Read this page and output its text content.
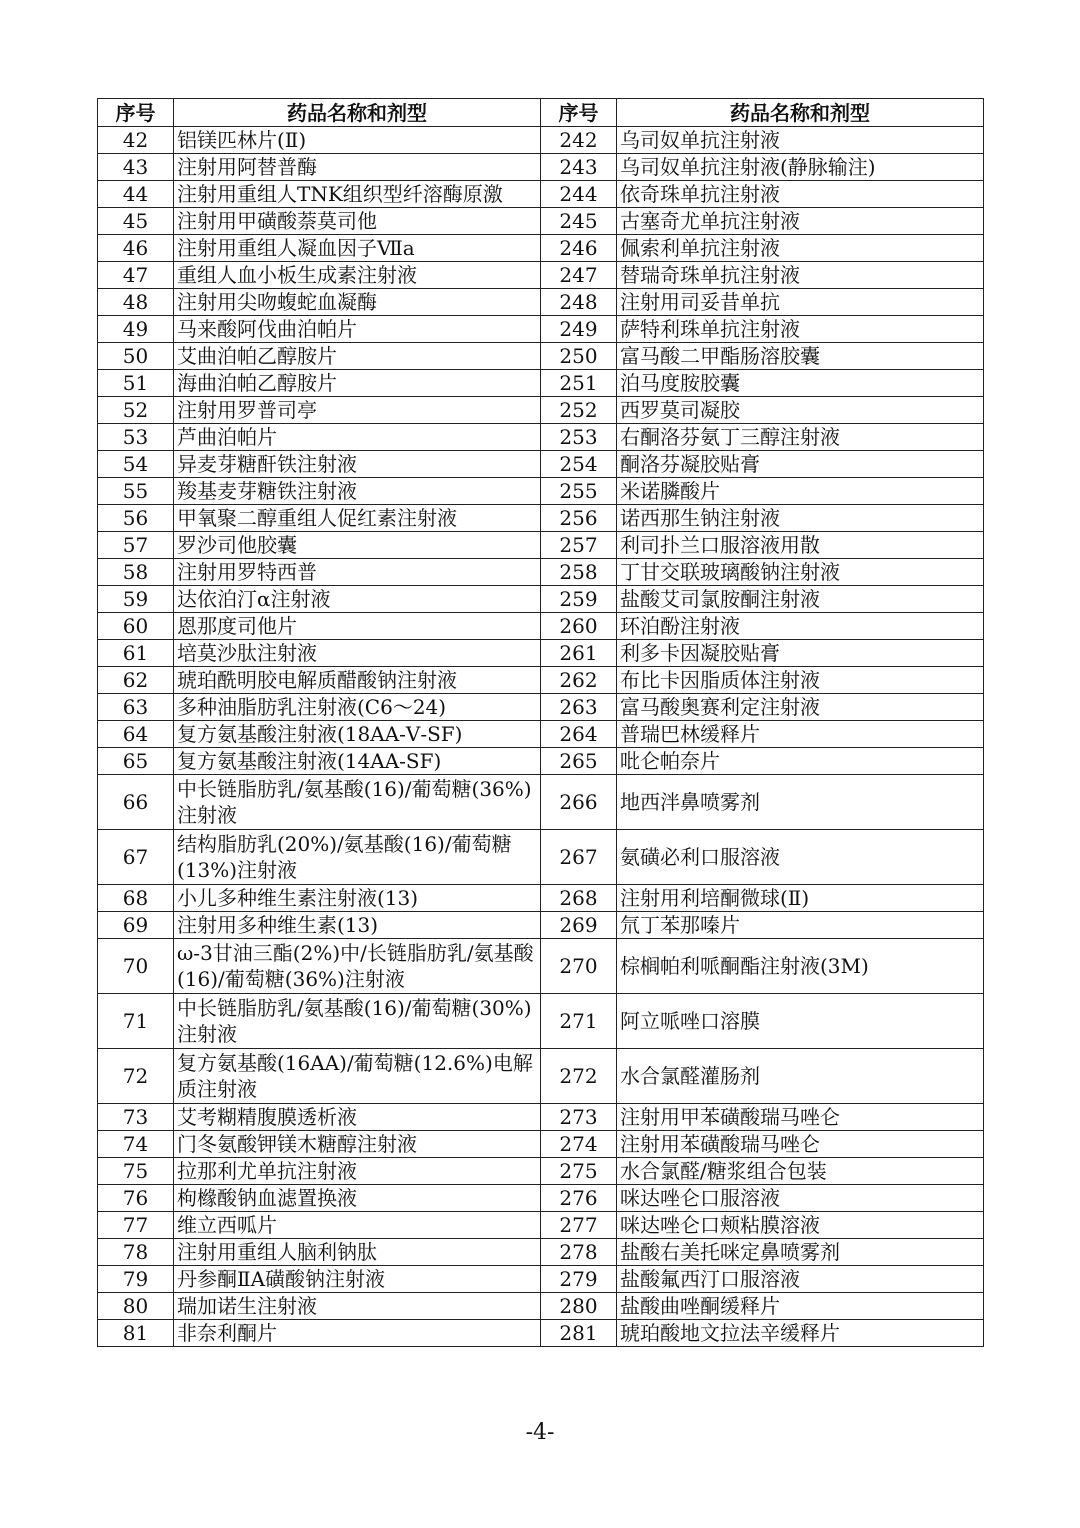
序号	药品名称和剂型	序号	药品名称和剂型
42	铝镁匹林片(Ⅱ)	242	乌司奴单抗注射液
43	注射用阿替普酶	243	乌司奴单抗注射液(静脉输注)
44	注射用重组人TNK组织型纤溶酶原激	244	依奇珠单抗注射液
45	注射用甲磺酸萘莫司他	245	古塞奇尤单抗注射液
46	注射用重组人凝血因子Ⅶa	246	佩索利单抗注射液
47	重组人血小板生成素注射液	247	替瑞奇珠单抗注射液
48	注射用尖吻蝮蛇血凝酶	248	注射用司妥昔单抗
49	马来酸阿伐曲泊帕片	249	萨特利珠单抗注射液
50	艾曲泊帕乙醇胺片	250	富马酸二甲酯肠溶胶囊
51	海曲泊帕乙醇胺片	251	泊马度胺胶囊
52	注射用罗普司亭	252	西罗莫司凝胶
53	芦曲泊帕片	253	右酮洛芬氨丁三醇注射液
54	异麦芽糖酐铁注射液	254	酮洛芬凝胶贴膏
55	羧基麦芽糖铁注射液	255	米诺膦酸片
56	甲氧聚二醇重组人促红素注射液	256	诺西那生钠注射液
57	罗沙司他胶囊	257	利司扑兰口服溶液用散
58	注射用罗特西普	258	丁甘交联玻璃酸钠注射液
59	达依泊汀α注射液	259	盐酸艾司氯胺酮注射液
60	恩那度司他片	260	环泊酚注射液
61	培莫沙肽注射液	261	利多卡因凝胶贴膏
62	琥珀酰明胶电解质醋酸钠注射液	262	布比卡因脂质体注射液
63	多种油脂肪乳注射液(C6～24)	263	富马酸奥赛利定注射液
64	复方氨基酸注射液(18AA-Ⅴ-SF)	264	普瑞巴林缓释片
65	复方氨基酸注射液(14AA-SF)	265	吡仑帕奈片
66	中长链脂肪乳/氨基酸(16)/葡萄糖(36%)注射液	266	地西泮鼻喷雾剂
67	结构脂肪乳(20%)/氨基酸(16)/葡萄糖(13%)注射液	267	氨磺必利口服溶液
68	小儿多种维生素注射液(13)	268	注射用利培酮微球(Ⅱ)
69	注射用多种维生素(13)	269	氘丁苯那嗪片
70	ω-3甘油三酯(2%)中/长链脂肪乳/氨基酸(16)/葡萄糖(36%)注射液	270	棕榈帕利哌酮酯注射液(3M)
71	中长链脂肪乳/氨基酸(16)/葡萄糖(30%)注射液	271	阿立哌唑口溶膜
72	复方氨基酸(16AA)/葡萄糖(12.6%)电解质注射液	272	水合氯醛灌肠剂
73	艾考糊精腹膜透析液	273	注射用甲苯磺酸瑞马唑仑
74	门冬氨酸钾镁木糖醇注射液	274	注射用苯磺酸瑞马唑仑
75	拉那利尤单抗注射液	275	水合氯醛/糖浆组合包装
76	枸橼酸钠血滤置换液	276	咪达唑仑口服溶液
77	维立西呱片	277	咪达唑仑口颊粘膜溶液
78	注射用重组人脑利钠肽	278	盐酸右美托咪定鼻喷雾剂
79	丹参酮ⅡA磺酸钠注射液	279	盐酸氟西汀口服溶液
80	瑞加诺生注射液	280	盐酸曲唑酮缓释片
81	非奈利酮片	281	琥珀酸地文拉法辛缓释片
-4-
